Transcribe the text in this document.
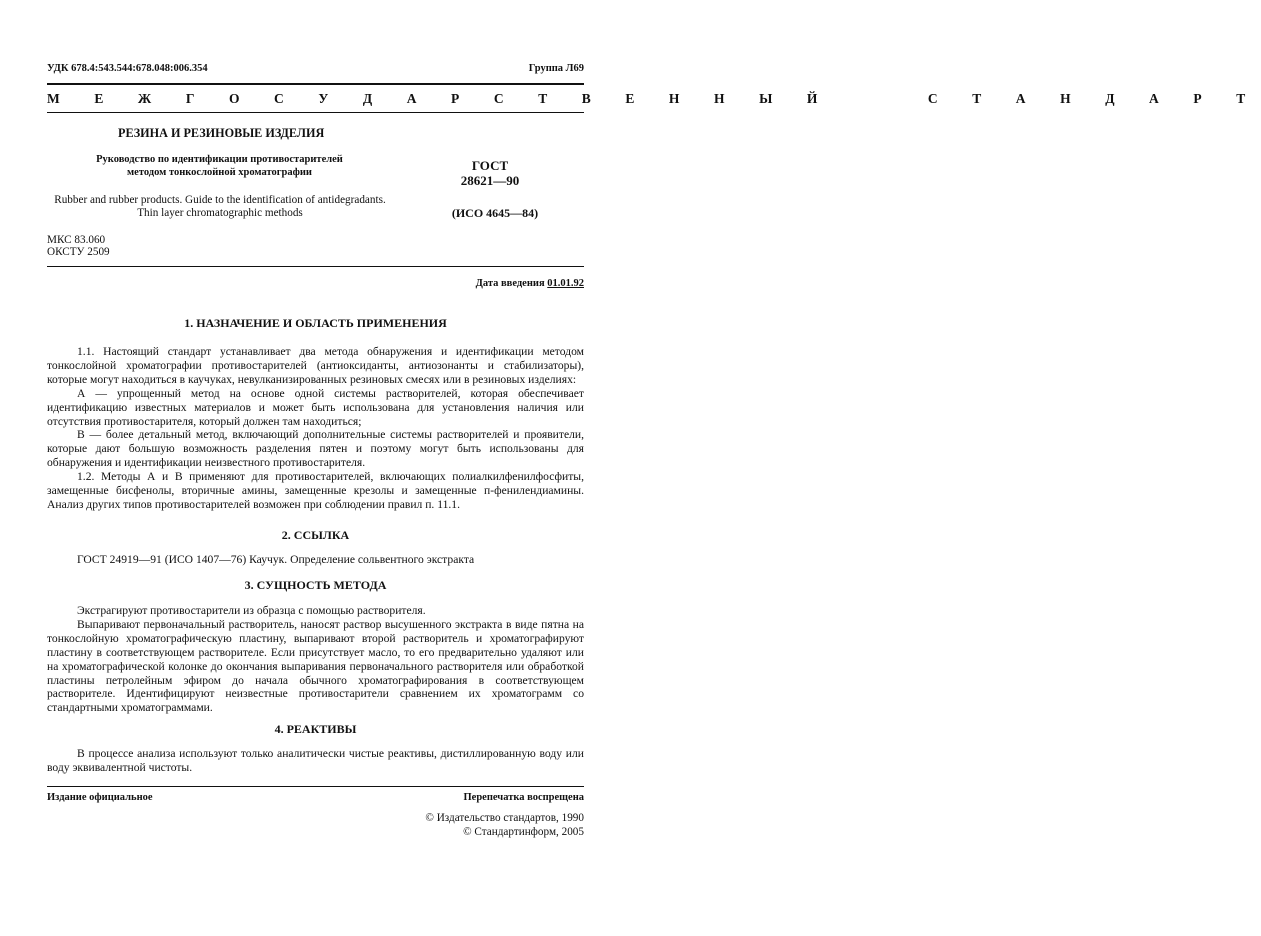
УДК 678.4:543.544:678.048:006.354	Группа Л69
М Е Ж Г О С У Д А Р С Т В Е Н Н Ы Й     С Т А Н Д А Р Т
РЕЗИНА И РЕЗИНОВЫЕ ИЗДЕЛИЯ
Руководство по идентификации противостарителей
методом тонкослойной хроматографии
Rubber and rubber products. Guide to the identification of antidegradants.
Thin layer chromatographic methods
ГОСТ
28621—90
(ИСО 4645—84)
МКС 83.060
ОКСТУ 2509
Дата введения 01.01.92
1. НАЗНАЧЕНИЕ И ОБЛАСТЬ ПРИМЕНЕНИЯ

1.1. Настоящий стандарт устанавливает два метода обнаружения и идентификации методом тонкослойной хроматографии противостарителей (антиоксиданты, антиозонанты и стабилизаторы), которые могут находиться в каучуках, невулканизированных резиновых смесях или в резиновых изделиях:

А — упрощенный метод на основе одной системы растворителей, которая обеспечивает идентификацию известных материалов и может быть использована для установления наличия или отсутствия противостарителя, который должен там находиться;

В — более детальный метод, включающий дополнительные системы растворителей и проявители, которые дают большую возможность разделения пятен и поэтому могут быть использованы для обнаружения и идентификации неизвестного противостарителя.

1.2. Методы А и В применяют для противостарителей, включающих полиалкилфенилфосфиты, замещенные бисфенолы, вторичные амины, замещенные крезолы и замещенные п-фенилендиамины. Анализ других типов противостарителей возможен при соблюдении правил п. 11.1.

2. ССЫЛКА

ГОСТ 24919—91 (ИСО 1407—76) Каучук. Определение сольвентного экстракта

3. СУЩНОСТЬ МЕТОДА

Экстрагируют противостарители из образца с помощью растворителя.

Выпаривают первоначальный растворитель, наносят раствор высушенного экстракта в виде пятна на тонкослойную хроматографическую пластину, выпаривают второй растворитель и хроматографируют пластину в соответствующем растворителе. Если присутствует масло, то его предварительно удаляют или на хроматографической колонке до окончания выпаривания первоначального растворителя или обработкой пластины петролейным эфиром до начала обычного хроматографирования в соответствующем растворителе. Идентифицируют неизвестные противостарители сравнением их хроматограмм со стандартными хроматограммами.

4. РЕАКТИВЫ

В процессе анализа используют только аналитически чистые реактивы, дистиллированную воду или воду эквивалентной чистоты.

Издание официальное	Перепечатка воспрещена
© Издательство стандартов, 1990
© Стандартинформ, 2005
